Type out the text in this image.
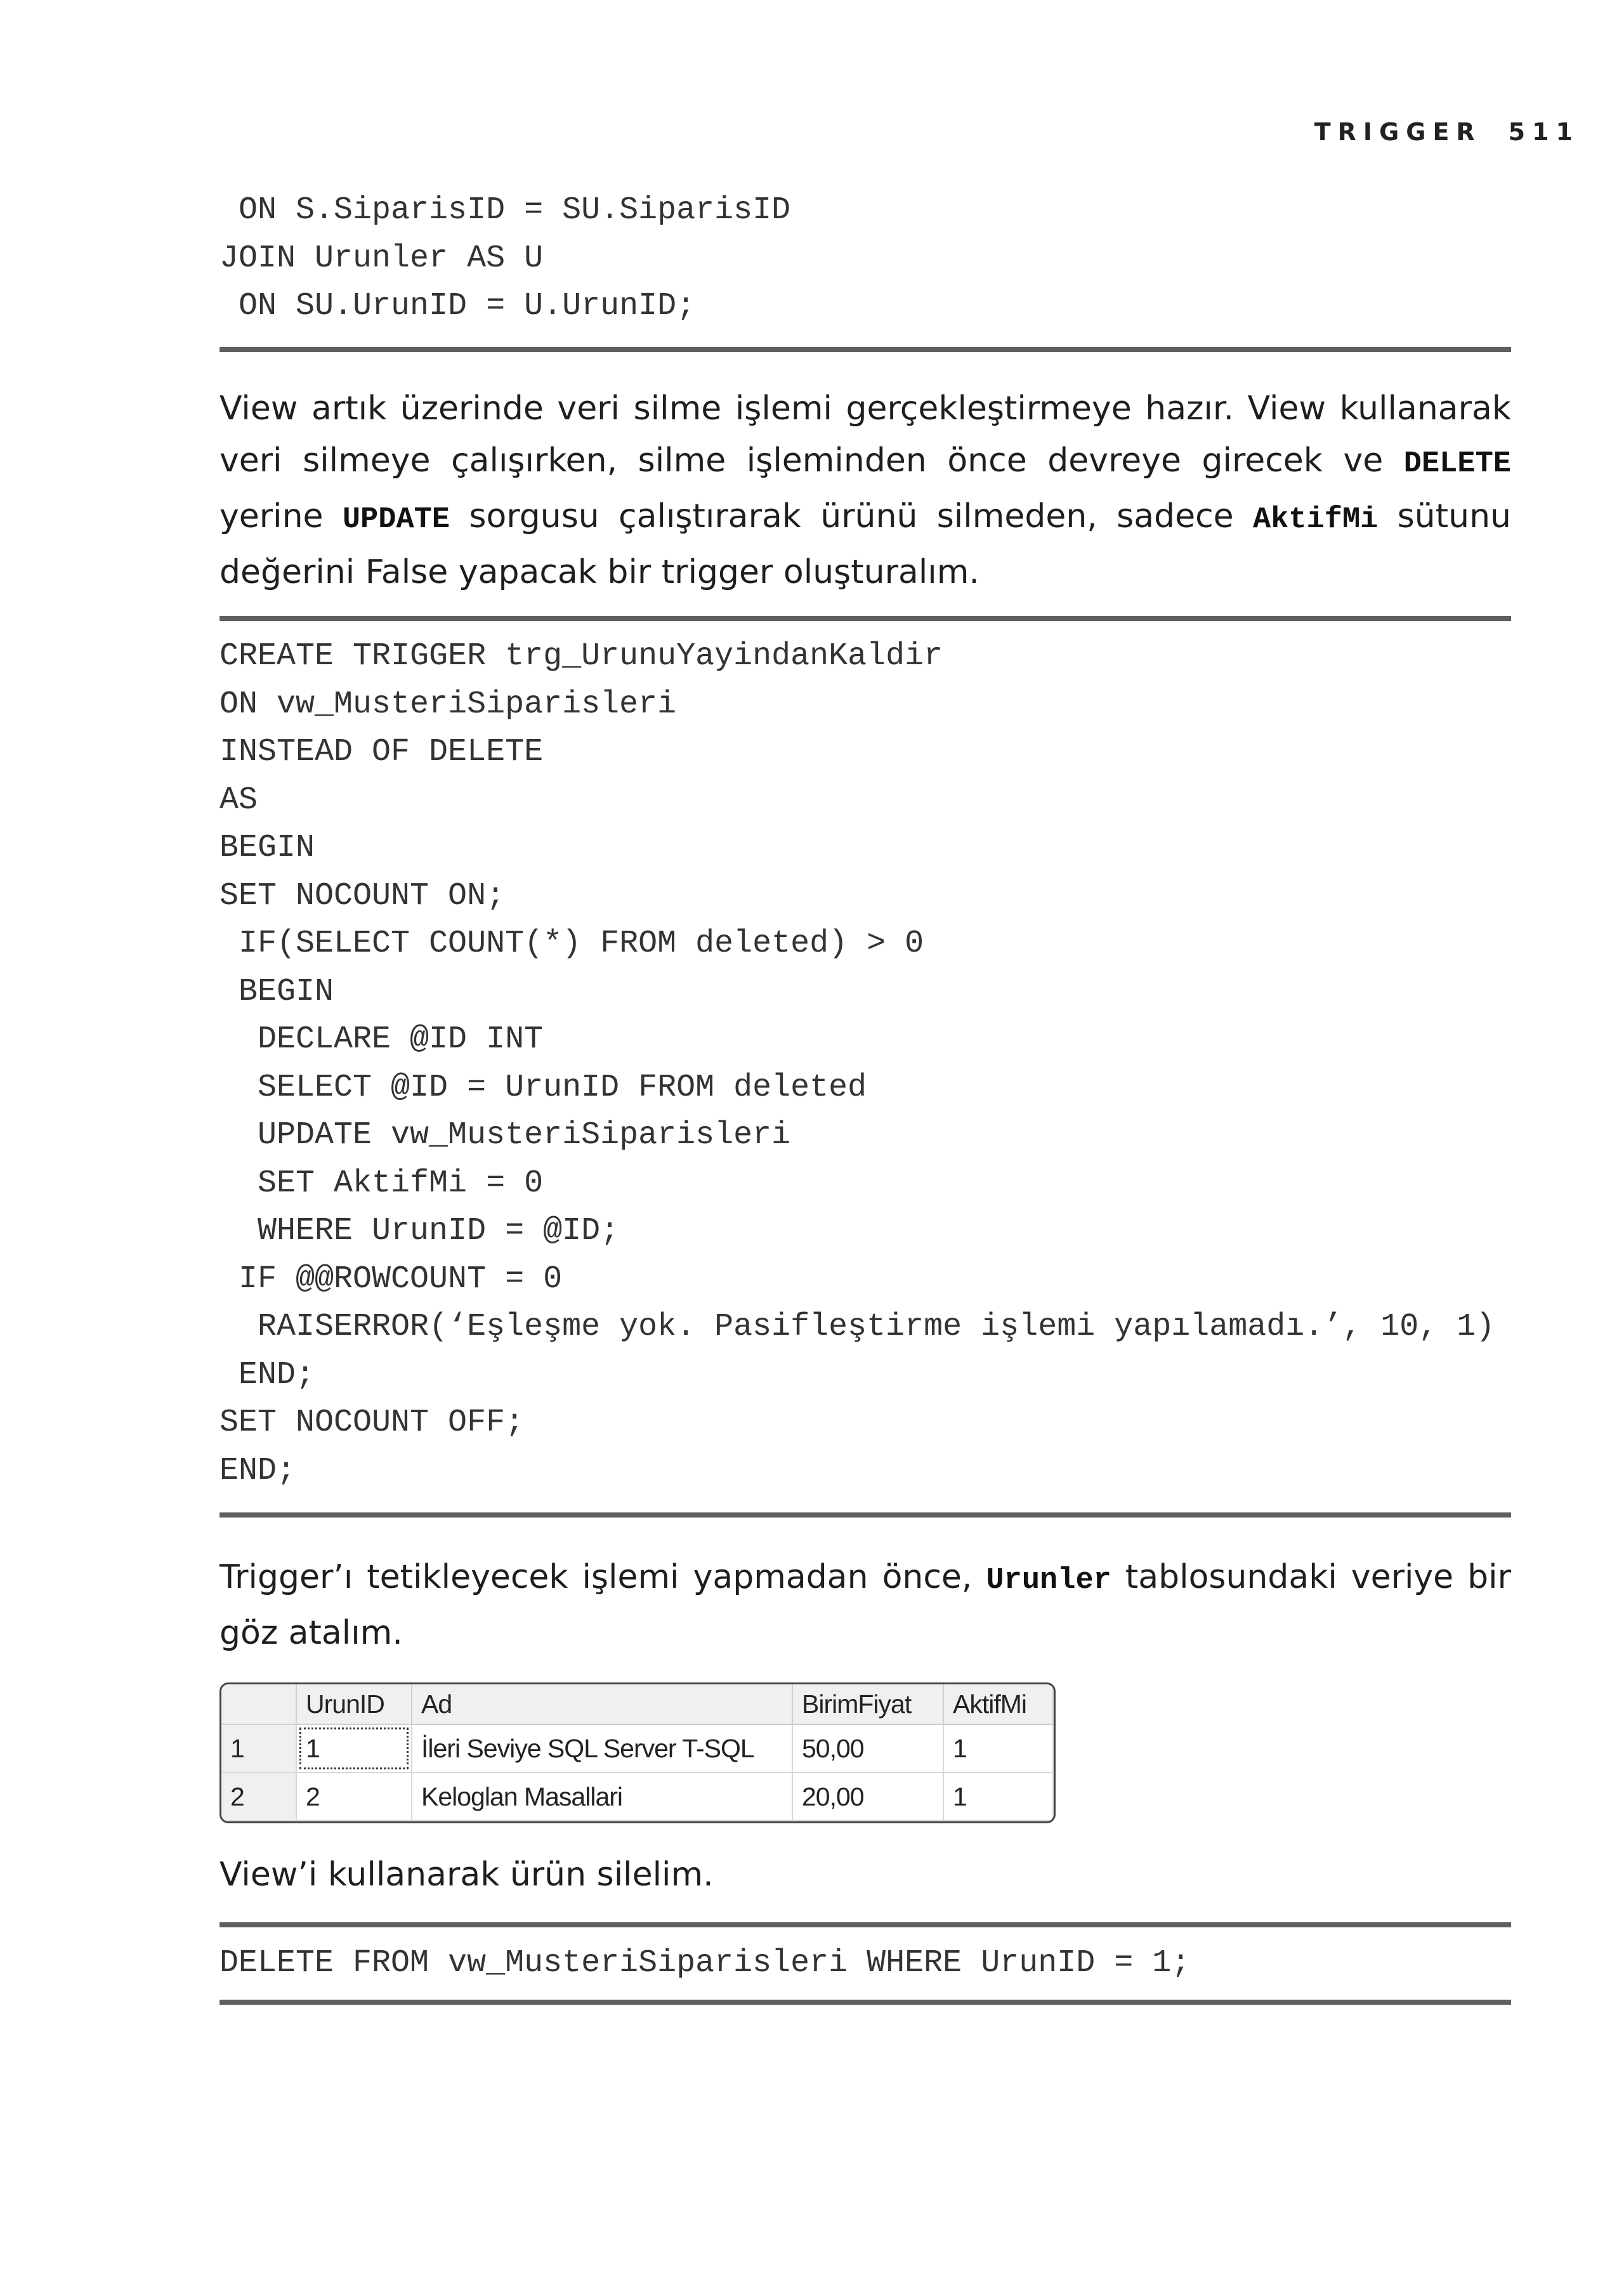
TRIGGER 511
ON S.SiparisID = SU.SiparisID
JOIN Urunler AS U
ON SU.UrunID = U.UrunID;

View artık üzerinde veri silme işlemi gerçekleştirmeye hazır. View kullanarak veri silmeye çalışırken, silme işleminden önce devreye girecek ve DELETE yerine UPDATE sorgusu çalıştırarak ürünü silmeden, sadece AktifMi sütunu değerini False yapacak bir trigger oluşturalım.

CREATE TRIGGER trg_UrunuYayindanKaldir
ON vw_MusteriSiparisleri
INSTEAD OF DELETE
AS
BEGIN
SET NOCOUNT ON;
IF(SELECT COUNT(*) FROM deleted) > 0
BEGIN
DECLARE @ID INT
SELECT @ID = UrunID FROM deleted
UPDATE vw_MusteriSiparisleri
SET AktifMi = 0
WHERE UrunID = @ID;
IF @@ROWCOUNT = 0
RAISERROR(‘Eşleşme yok. Pasifleştirme işlemi yapılamadı.’, 10, 1)
END;
SET NOCOUNT OFF;
END;

Trigger’ı tetikleyecek işlemi yapmadan önce, Urunler tablosundaki veriye bir göz atalım.

	UrunID	Ad	BirimFiyat	AktifMi
1	1	İleri Seviye SQL Server T-SQL	50,00	1
2	2	Keloglan Masallari	20,00	1

View’i kullanarak ürün silelim.

DELETE FROM vw_MusteriSiparisleri WHERE UrunID = 1;
